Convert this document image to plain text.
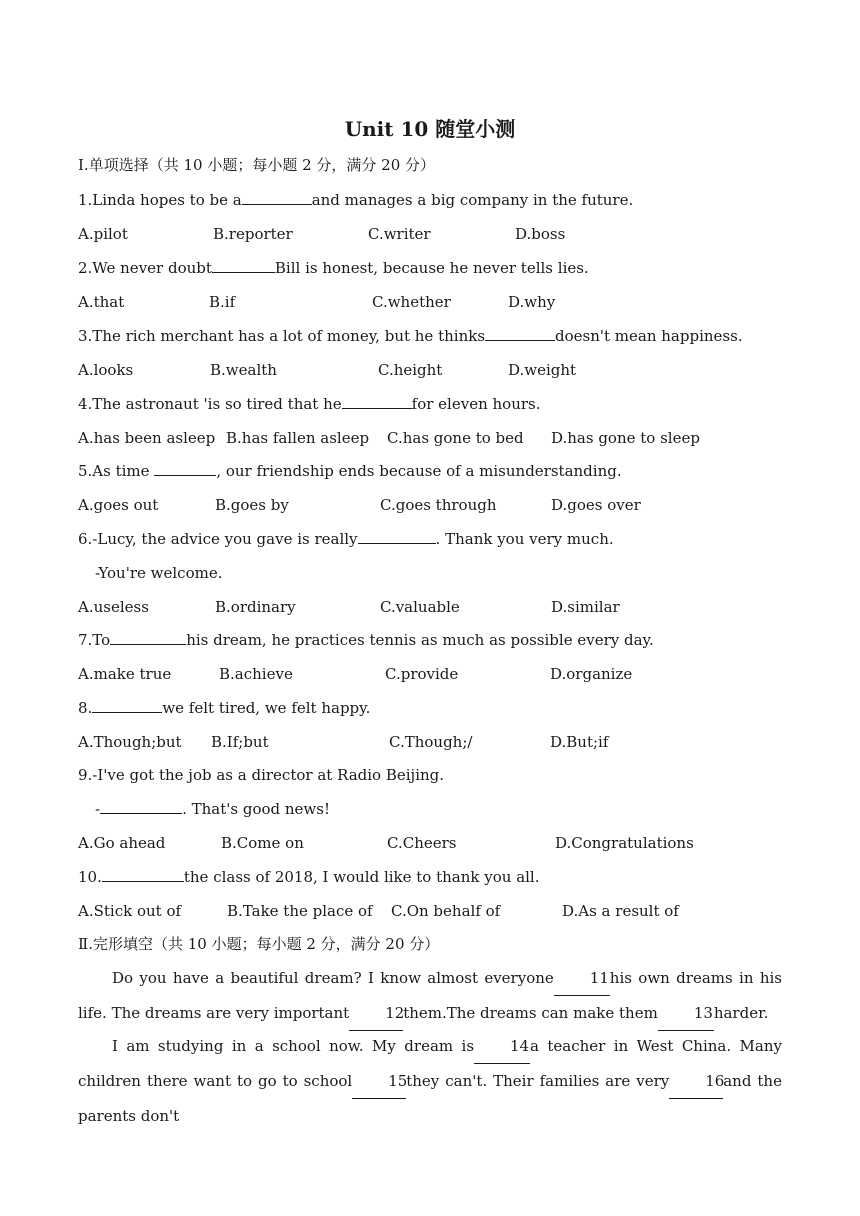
Unit 10 随堂小测
Ⅰ.单项选择（共 10 小题；每小题 2 分，满分 20 分）
1.Linda hopes to be a	and manages a big company in the future.
A.pilot	B.reporter	C.writer	D.boss
2.We never doubt	Bill is honest, because he never tells lies.
A.that	B.if	C.whether	D.why
3.The rich merchant has a lot of money, but he thinks	doesn't mean happiness.
A.looks	B.wealth	C.height	D.weight
4.The astronaut 'is so tired that he	for eleven hours.
A.has been asleep B.has fallen asleep C.has gone to bed D.has gone to sleep
5.As time	, our friendship ends because of a misunderstanding.
A.goes out	B.goes by	C.goes through	D.goes over
6.-Lucy, the advice you gave is really	. Thank you very much.
-You're welcome.
A.useless	B.ordinary	C.valuable	D.similar
7.To	his dream, he practices tennis as much as possible every day.
A.make true	B.achieve	C.provide	D.organize
8.	we felt tired, we felt happy.
A.Though;but B.If;but	C.Though;/	D.But;if
9.-I've got the job as a director at Radio Beijing.
-	. That's good news!
A.Go ahead	B.Come on	C.Cheers	D.Congratulations
10.	the class of 2018, I would like to thank you all.
A.Stick out of	B.Take the place of C.On behalf of	D.As a result of
Ⅱ.完形填空（共 10 小题；每小题 2 分，满分 20 分）
Do you have a beautiful dream? I know almost everyone 11his own dreams in his life. The dreams are very important 12them.The dreams can make them 13harder.
I am studying in a school now. My dream is 14a teacher in West China. Many children there want to go to school 15they can't. Their families are very 16and the parents don't
